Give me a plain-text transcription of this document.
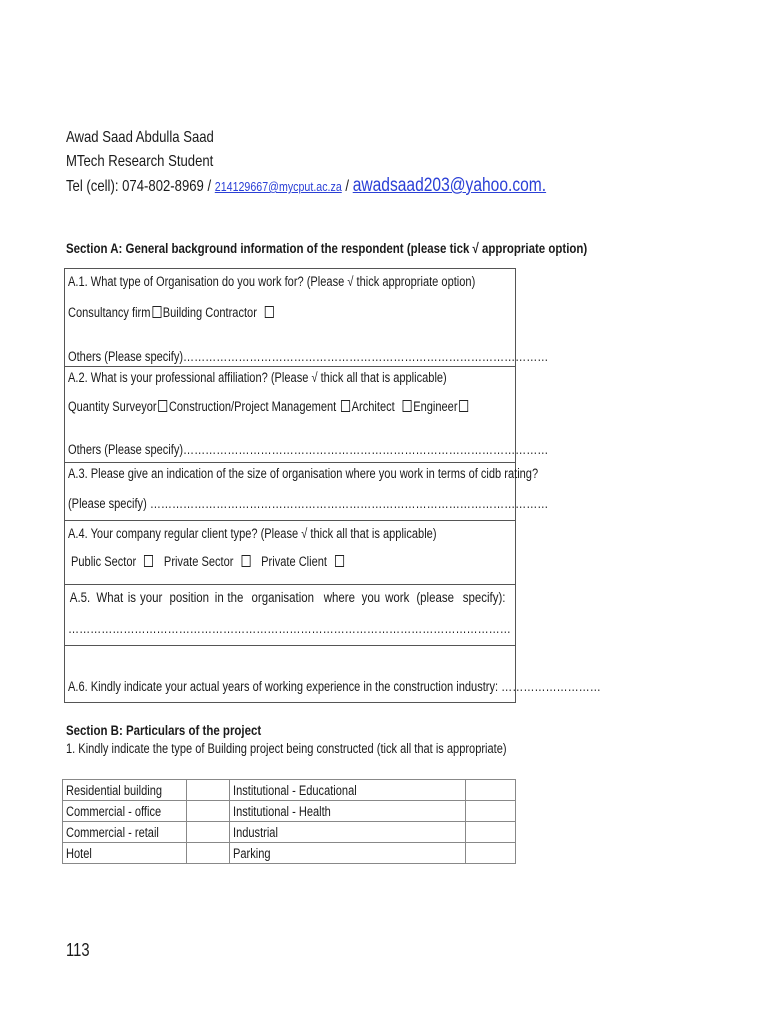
Awad Saad Abdulla Saad
MTech Research Student
Tel (cell): 074-802-8969 / 214129667@mycput.ac.za / awadsaad203@yahoo.com.
Section A: General background information of the respondent (please tick √ appropriate option)
A.1. What type of Organisation do you work for? (Please √ thick appropriate option)
Consultancy firm Building Contractor
Others (Please specify)………………………………………………………………………………………
A.2. What is your professional affiliation? (Please √ thick all that is applicable)
Quantity Surveyor Construction/Project Management Architect Engineer
Others (Please specify)………………………………………………………………………………………
A.3. Please give an indication of the size of organisation where you work in terms of cidb rating?
(Please specify) ………………………………………………………………………………………………
A.4. Your company regular client type? (Please √ thick all that is applicable)
Public Sector Private Sector Private Client
A.5. What is your position in the organisation where you work (please specify):
…………………………………………………………………………………………………………
A.6. Kindly indicate your actual years of working experience in the construction industry: ………………………
Section B: Particulars of the project
1. Kindly indicate the type of Building project being constructed (tick all that is appropriate)
Residential building		Institutional - Educational	
Commercial - office		Institutional - Health	
Commercial - retail		Industrial	
Hotel		Parking	
113
